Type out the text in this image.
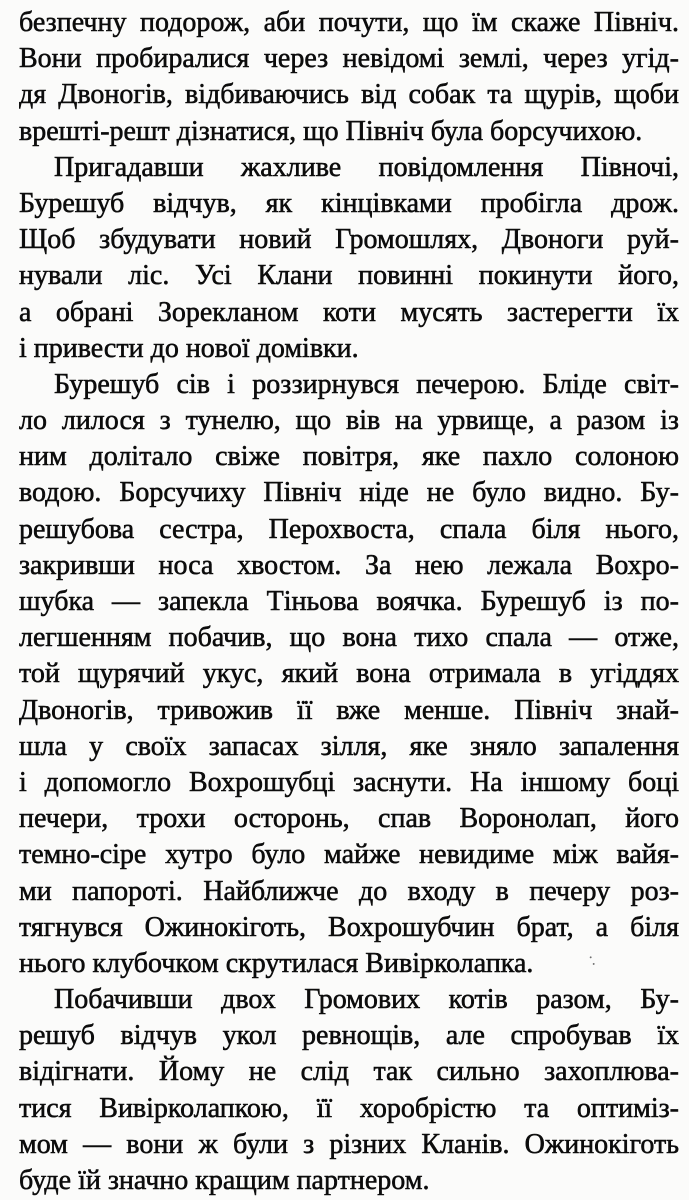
безпечну подорож, аби почути, що їм скаже Північ.
Вони пробиралися через невідомі землі, через угід-
дя Двоногів, відбиваючись від собак та щурів, щоби
врешті-решт дізнатися, що Північ була борсучихою.
Пригадавши жахливе повідомлення Півночі,
Бурешуб відчув, як кінцівками пробігла дрож.
Щоб збудувати новий Громошлях, Двоноги руй-
нували ліс. Усі Клани повинні покинути його,
а обрані Зорекланом коти мусять застерегти їх
і привести до нової домівки.
Бурешуб сів і роззирнувся печерою. Бліде світ-
ло лилося з тунелю, що вів на урвище, а разом із
ним долітало свіже повітря, яке пахло солоною
водою. Борсучиху Північ ніде не було видно. Бу-
решубова сестра, Перохвоста, спала біля нього,
закривши носа хвостом. За нею лежала Вохро-
шубка — запекла Тіньова воячка. Бурешуб із по-
легшенням побачив, що вона тихо спала — отже,
той щурячий укус, який вона отримала в угіддях
Двоногів, тривожив її вже менше. Північ знай-
шла у своїх запасах зілля, яке зняло запалення
і допомогло Вохрошубці заснути. На іншому боці
печери, трохи осторонь, спав Воронолап, його
темно-сіре хутро було майже невидиме між вайя-
ми папороті. Найближче до входу в печеру роз-
тягнувся Ожинокіготь, Вохрошубчин брат, а біля
нього клубочком скрутилася Вивірколапка.
Побачивши двох Громових котів разом, Бу-
решуб відчув укол ревнощів, але спробував їх
відігнати. Йому не слід так сильно захоплюва-
тися Вивірколапкою, її хоробрістю та оптиміз-
мом — вони ж були з різних Кланів. Ожинокіготь
буде їй значно кращим партнером.
··
